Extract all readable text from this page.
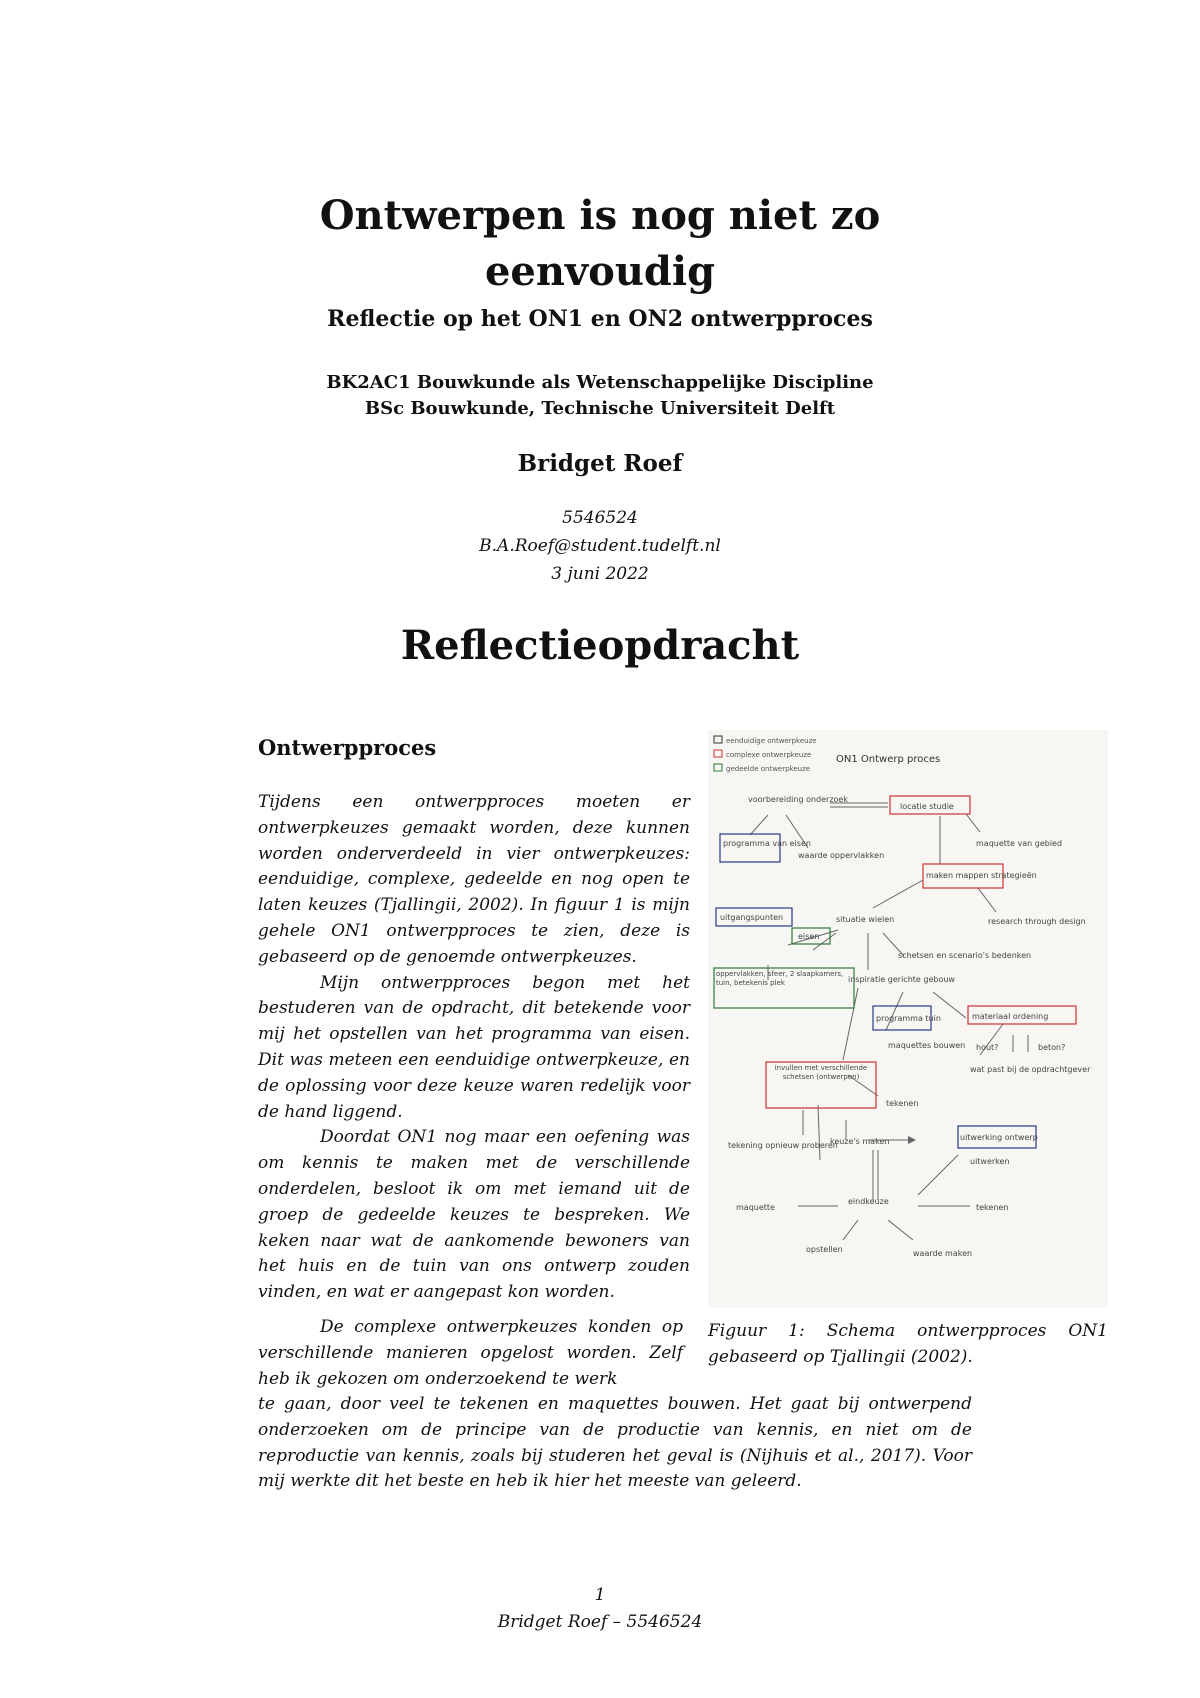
Ontwerpen is nog niet zo
eenvoudig
Reflectie op het ON1 en ON2 ontwerpproces
BK2AC1 Bouwkunde als Wetenschappelijke Discipline
BSc Bouwkunde, Technische Universiteit Delft
Bridget Roef
5546524
B.A.Roef@student.tudelft.nl
3 juni 2022
Reflectieopdracht
Ontwerpproces

Tijdens een ontwerpproces moeten er ontwerpkeuzes gemaakt worden, deze kunnen worden onderverdeeld in vier ontwerpkeuzes: eenduidige, complexe, gedeelde en nog open te laten keuzes (Tjallingii, 2002). In figuur 1 is mijn gehele ON1 ontwerpproces te zien, deze is gebaseerd op de genoemde ontwerpkeuzes.

Mijn ontwerpproces begon met het bestuderen van de opdracht, dit betekende voor mij het opstellen van het programma van eisen. Dit was meteen een eenduidige ontwerpkeuze, en de oplossing voor deze keuze waren redelijk voor de hand liggend.

Doordat ON1 nog maar een oefening was om kennis te maken met de verschillende onderdelen, besloot ik om met iemand uit de groep de gedeelde keuzes te bespreken. We keken naar wat de aankomende bewoners van het huis en de tuin van ons ontwerp zouden vinden, en wat er aangepast kon worden.

De complexe ontwerpkeuzes konden op verschillende manieren opgelost worden. Zelf heb ik gekozen om onderzoekend te werk

te gaan, door veel te tekenen en maquettes bouwen. Het gaat bij ontwerpend onderzoeken om de principe van de productie van kennis, en niet om de reproductie van kennis, zoals bij studeren het geval is (Nijhuis et al., 2017). Voor mij werkte dit het beste en heb ik hier het meeste van geleerd.

eenduidige ontwerpkeuze
complexe ontwerpkeuze
gedeelde ontwerpkeuze
ON1 Ontwerp proces
voorbereiding onderzoek
locatie studie
programma van eisen
waarde oppervlakken
maquette van gebied
maken mappen strategieën
situatie wielen	research through design
uitgangspunten
eisen
schetsen en scenario's bedenken
inspiratie gerichte gebouw
oppervlakken, sfeer, 2 slaapkamers, tuin, betekenis plek
programma tuin	materiaal ordening
hout?	beton?
maquettes bouwen
wat past bij de opdrachtgever
invullen met verschillende schetsen (ontwerpen)
tekenen
tekening opnieuw proberen
keuze's maken	uitwerking ontwerp
uitwerken
maquette
eindkeuze
tekenen
opstellen	waarde maken
Figuur 1: Schema ontwerpproces ON1 gebaseerd op Tjallingii (2002).
1
Bridget Roef – 5546524
